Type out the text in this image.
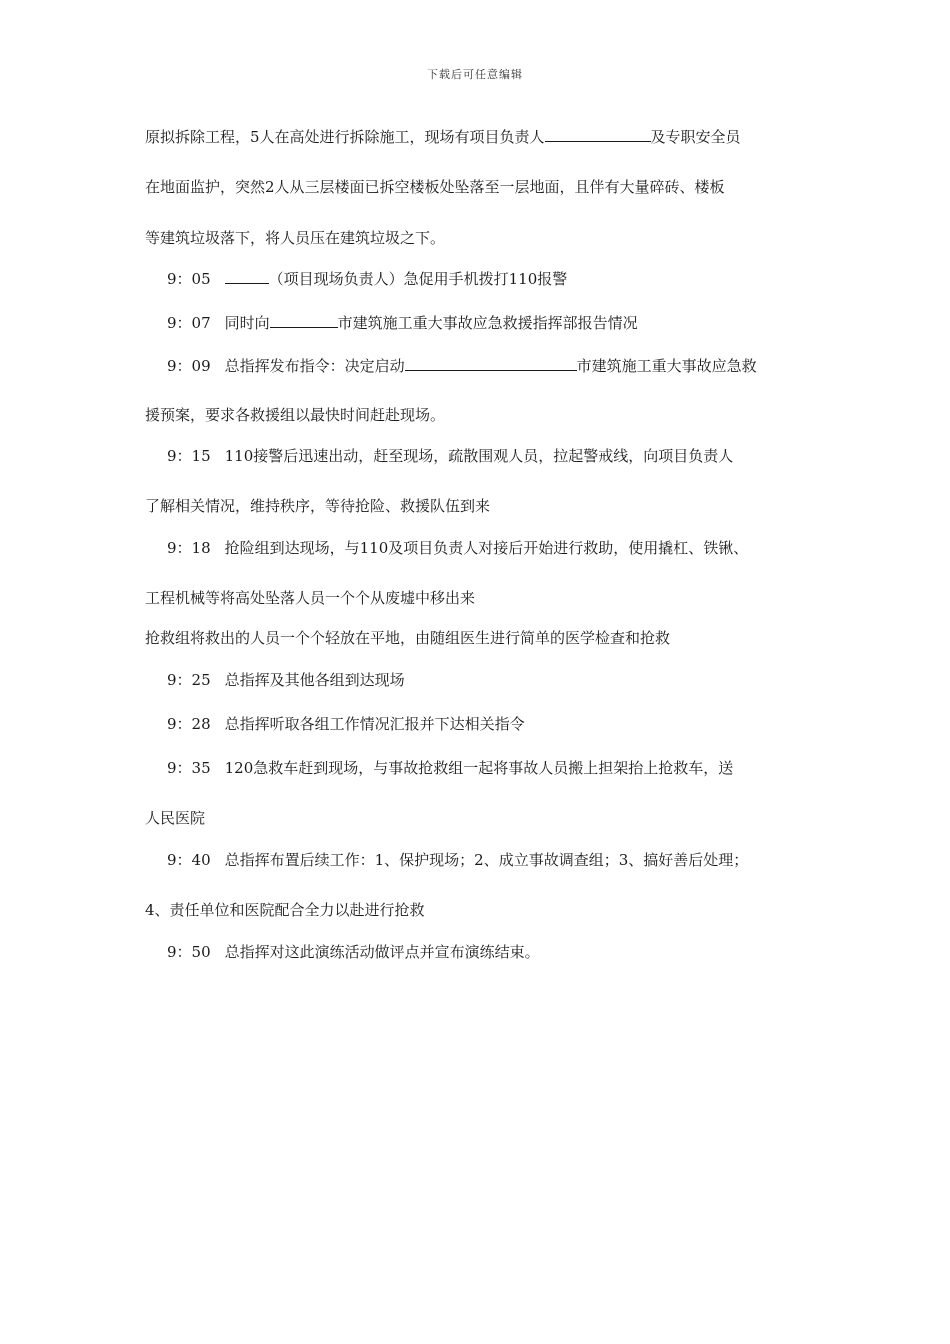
下载后可任意编辑
原拟拆除工程，5人在高处进行拆除施工，现场有项目负责人	及专职安全员
在地面监护，突然2人从三层楼面已拆空楼板处坠落至一层地面，且伴有大量碎砖、楼板
等建筑垃圾落下，将人员压在建筑垃圾之下。
9：05	（项目现场负责人）急促用手机拨打110报警
9：07 同时向	市建筑施工重大事故应急救援指挥部报告情况
9：09 总指挥发布指令：决定启动	市建筑施工重大事故应急救
援预案，要求各救援组以最快时间赶赴现场。
9：15 110接警后迅速出动，赶至现场，疏散围观人员，拉起警戒线，向项目负责人
了解相关情况，维持秩序，等待抢险、救援队伍到来
9：18 抢险组到达现场，与110及项目负责人对接后开始进行救助，使用撬杠、铁锹、
工程机械等将高处坠落人员一个个从废墟中移出来
抢救组将救出的人员一个个轻放在平地，由随组医生进行简单的医学检查和抢救
9：25 总指挥及其他各组到达现场
9：28 总指挥听取各组工作情况汇报并下达相关指令
9：35 120急救车赶到现场，与事故抢救组一起将事故人员搬上担架抬上抢救车，送
人民医院
9：40 总指挥布置后续工作：1、保护现场；2、成立事故调查组；3、搞好善后处理；
4、责任单位和医院配合全力以赴进行抢救
9：50 总指挥对这此演练活动做评点并宣布演练结束。
